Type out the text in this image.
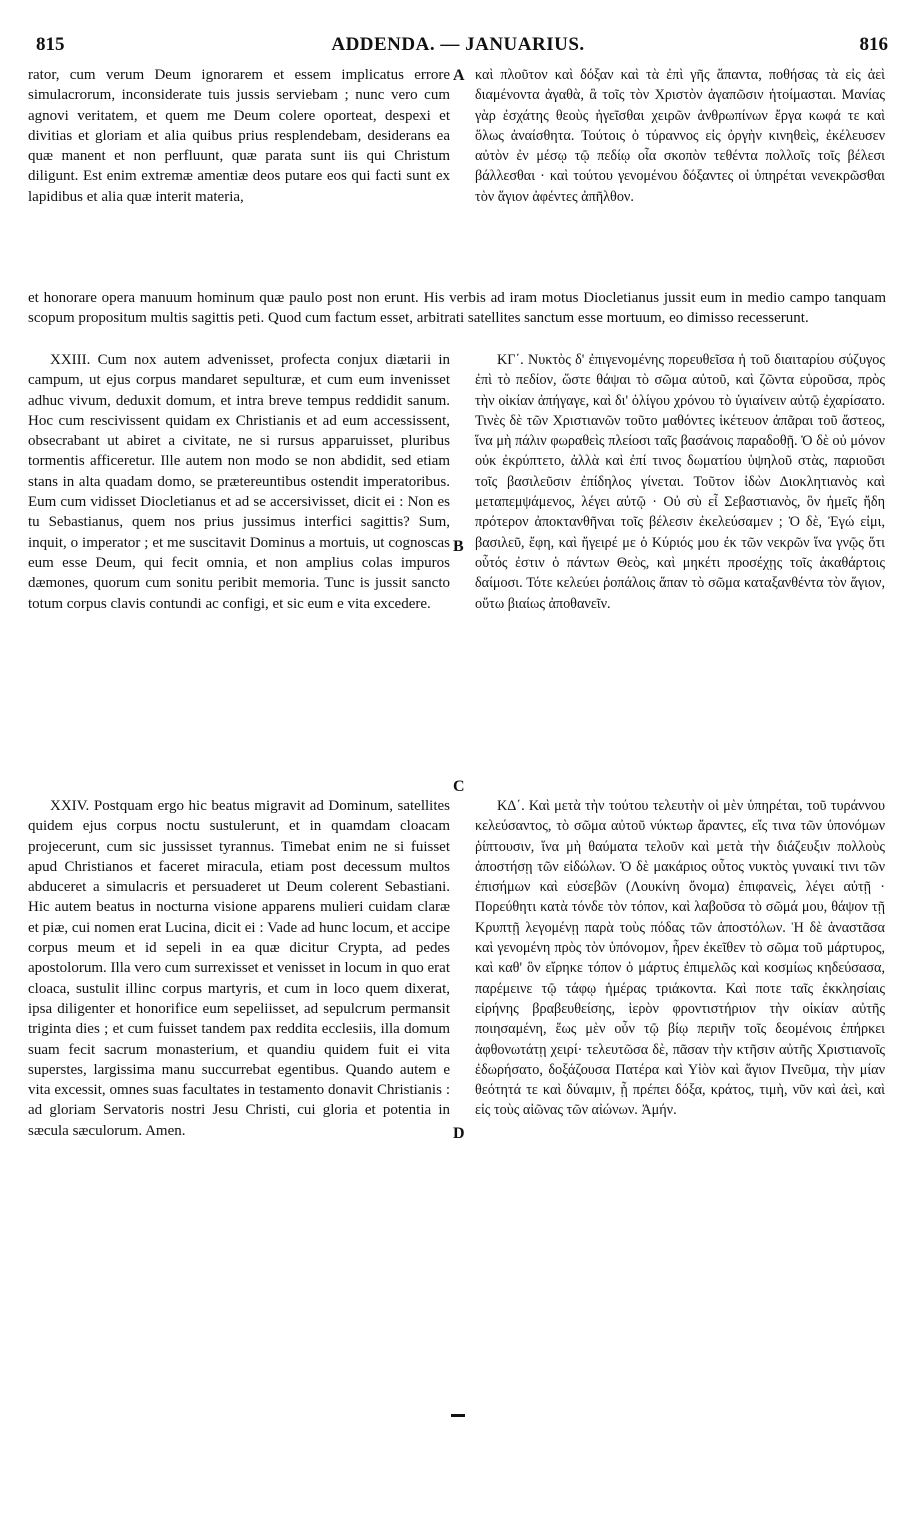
815	ADDENDA. — JANUARIUS.	816

rator, cum verum Deum ignorarem et essem implicatus errore simulacrorum, inconsiderate tuis jussis serviebam ; nunc vero cum agnovi veritatem, et quem me Deum colere oporteat, despexi et divitias et gloriam et alia quibus prius resplendebam, desiderans ea quæ manent et non perfluunt, quæ parata sunt iis qui Christum diligunt. Est enim extremæ amentiæ deos putare eos qui facti sunt ex lapidibus et alia quæ interit materia,

A καὶ πλοῦτον καὶ δόξαν καὶ τὰ ἐπὶ γῆς ἅπαντα, ποθήσας τὰ εἰς ἀεὶ διαμένοντα ἀγαθὰ, ἃ τοῖς τὸν Χριστὸν ἀγαπῶσιν ἡτοίμασται. Μανίας γὰρ ἐσχάτης θεοὺς ἡγεῖσθαι χειρῶν ἀνθρωπίνων ἔργα κωφά τε καὶ ὅλως ἀναίσθητα. Τούτοις ὁ τύραννος εἰς ὀργὴν κινηθεὶς, ἐκέλευσεν αὐτὸν ἐν μέσῳ τῷ πεδίῳ οἷα σκοπὸν τεθέντα πολλοῖς τοῖς βέλεσι βάλλεσθαι · καὶ τούτου γενομένου δόξαντες οἱ ὑπηρέται νενεκρῶσθαι τὸν ἅγιον ἀφέντες ἀπῆλθον.

et honorare opera manuum hominum quæ paulo post non erunt. His verbis ad iram motus Diocletianus jussit eum in medio campo tanquam scopum propositum multis sagittis peti. Quod cum factum esset, arbitrati satellites sanctum esse mortuum, eo dimisso recesserunt.

XXIII. Cum nox autem advenisset, profecta conjux diætarii in campum, ut ejus corpus mandaret sepulturæ, et cum eum invenisset adhuc vivum, deduxit domum, et intra breve tempus reddidit sanum. Hoc cum rescivissent quidam ex Christianis et ad eum accessissent, obsecrabant ut abiret a civitate, ne si rursus apparuisset, pluribus tormentis afficeretur. Ille autem non modo se non abdidit, sed etiam stans in alta quadam domo, se prætereuntibus ostendit imperatoribus. Eum cum vidisset Diocletianus et ad se accersivisset, dicit ei : Non es tu Sebastianus, quem nos prius jussimus interfici sagittis? Sum, inquit, o imperator ; et me suscitavit Dominus a mortuis, ut cognoscas eum esse Deum, qui fecit omnia, et non amplius colas impuros dæmones, quorum cum sonitu peribit memoria. Tunc is jussit sancto totum corpus clavis contundi ac configi, et sic eum e vita excedere.

B

ΚΓ΄. Νυκτὸς δ' ἐπιγενομένης πορευθεῖσα ἡ τοῦ διαιταρίου σύζυγος ἐπὶ τὸ πεδίον, ὥστε θάψαι τὸ σῶμα αὐτοῦ, καὶ ζῶντα εὑροῦσα, πρὸς τὴν οἰκίαν ἀπήγαγε, καὶ δι' ὀλίγου χρόνου τὸ ὑγιαίνειν αὐτῷ ἐχαρίσατο. Τινὲς δὲ τῶν Χριστιανῶν τοῦτο μαθόντες ἱκέτευον ἀπᾶραι τοῦ ἄστεος, ἵνα μὴ πάλιν φωραθεὶς πλείοσι ταῖς βασάνοις παραδοθῇ. Ὁ δὲ οὐ μόνον οὐκ ἐκρύπτετο, ἀλλὰ καὶ ἐπί τινος δωματίου ὑψηλοῦ στὰς, παριοῦσι τοῖς βασιλεῦσιν ἐπίδηλος γίνεται. Τοῦτον ἰδὼν Διοκλητιανὸς καὶ μεταπεμψάμενος, λέγει αὐτῷ · Οὐ σὺ εἶ Σεβαστιανὸς, ὃν ἡμεῖς ἤδη πρότερον ἀποκτανθῆναι τοῖς βέλεσιν ἐκελεύσαμεν ; Ὁ δὲ, Ἐγώ εἰμι, βασιλεῦ, ἔφη, καὶ ἤγειρέ με ὁ Κύριός μου ἐκ τῶν νεκρῶν ἵνα γνῷς ὅτι οὗτός ἐστιν ὁ πάντων Θεὸς, καὶ μηκέτι προσέχῃς τοῖς ἀκαθάρτοις δαίμοσι. Τότε κελεύει ῥοπάλοις ἅπαν τὸ σῶμα καταξανθέντα τὸν ἅγιον, οὕτω βιαίως ἀποθανεῖν.

C

XXIV. Postquam ergo hic beatus migravit ad Dominum, satellites quidem ejus corpus noctu sustulerunt, et in quamdam cloacam projecerunt, cum sic jussisset tyrannus. Timebat enim ne si fuisset apud Christianos et faceret miracula, etiam post decessum multos abduceret a simulacris et persuaderet ut Deum colerent Sebastiani. Hic autem beatus in nocturna visione apparens mulieri cuidam claræ et piæ, cui nomen erat Lucina, dicit ei : Vade ad hunc locum, et accipe corpus meum et id sepeli in ea quæ dicitur Crypta, ad pedes apostolorum. Illa vero cum surrexisset et venisset in locum in quo erat cloaca, sustulit illinc corpus martyris, et cum in loco quem dixerat, ipsa diligenter et honorifice eum sepeliisset, ad sepulcrum permansit triginta dies ; et cum fuisset tandem pax reddita ecclesiis, illa domum suam fecit sacrum monasterium, et quandiu quidem fuit ei vita superstes, largissima manu succurrebat egentibus. Quando autem e vita excessit, omnes suas facultates in testamento donavit Christianis : ad gloriam Servatoris nostri Jesu Christi, cui gloria et potentia in sæcula sæculorum. Amen.	D

ΚΔ΄. Καὶ μετὰ τὴν τούτου τελευτὴν οἱ μὲν ὑπηρέται, τοῦ τυράννου κελεύσαντος, τὸ σῶμα αὐτοῦ νύκτωρ ἄραντες, εἴς τινα τῶν ὑπονόμων ῥίπτουσιν, ἵνα μὴ θαύματα τελοῦν καὶ μετὰ τὴν διάζευξιν πολλοὺς ἀποστήσῃ τῶν εἰδώλων. Ὁ δὲ μακάριος οὗτος νυκτὸς γυναικί τινι τῶν ἐπισήμων καὶ εὐσεβῶν (Λουκίνη ὄνομα) ἐπιφανεὶς, λέγει αὐτῇ · Πορεύθητι κατὰ τόνδε τὸν τόπον, καὶ λαβοῦσα τὸ σῶμά μου, θάψον τῇ Κρυπτῇ λεγομένῃ παρὰ τοὺς πόδας τῶν ἀποστόλων. Ἡ δὲ ἀναστᾶσα καὶ γενομένη πρὸς τὸν ὑπόνομον, ἦρεν ἐκεῖθεν τὸ σῶμα τοῦ μάρτυρος, καὶ καθ' ὃν εἴρηκε τόπον ὁ μάρτυς ἐπιμελῶς καὶ κοσμίως κηδεύσασα, παρέμεινε τῷ τάφῳ ἡμέρας τριάκοντα. Καὶ ποτε ταῖς ἐκκλησίαις εἰρήνης βραβευθείσης, ἱερὸν φροντιστήριον τὴν οἰκίαν αὐτῆς ποιησαμένη, ἕως μὲν οὖν τῷ βίῳ περιῆν τοῖς δεομένοις ἐπήρκει ἀφθονωτάτῃ χειρί· τελευτῶσα δὲ, πᾶσαν τὴν κτῆσιν αὐτῆς Χριστιανοῖς ἐδωρήσατο, δοξάζουσα Πατέρα καὶ Υἱὸν καὶ ἅγιον Πνεῦμα, τὴν μίαν θεότητά τε καὶ δύναμιν, ᾗ πρέπει δόξα, κράτος, τιμὴ, νῦν καὶ ἀεὶ, καὶ εἰς τοὺς αἰῶνας τῶν αἰώνων. Ἀμήν.
